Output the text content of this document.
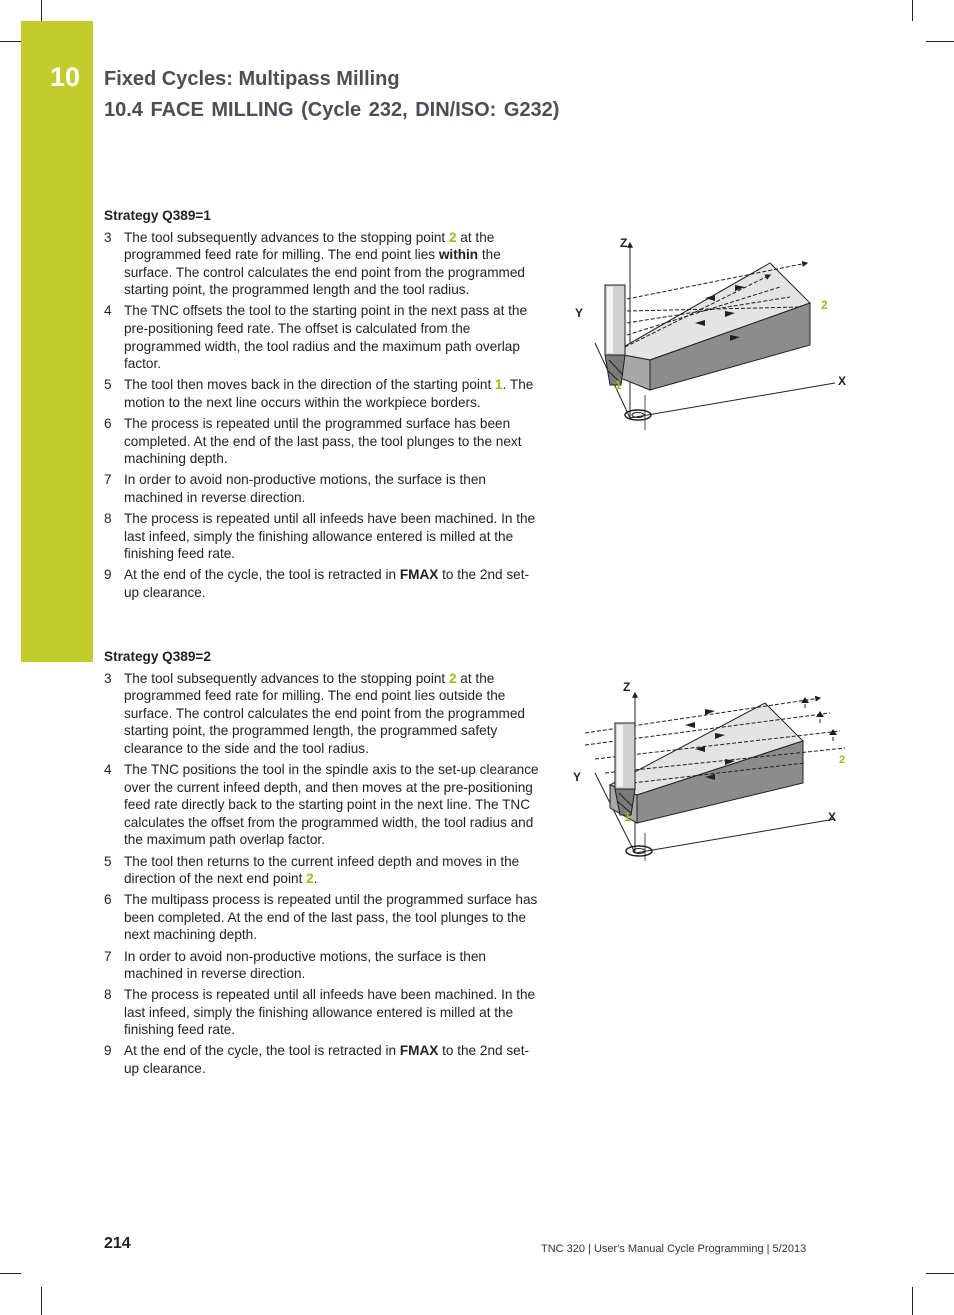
10 Fixed Cycles: Multipass Milling
10.4 FACE MILLING (Cycle 232, DIN/ISO: G232)
Strategy Q389=1
3 The tool subsequently advances to the stopping point 2 at the programmed feed rate for milling. The end point lies within the surface. The control calculates the end point from the programmed starting point, the programmed length and the tool radius.
4 The TNC offsets the tool to the starting point in the next pass at the pre-positioning feed rate. The offset is calculated from the programmed width, the tool radius and the maximum path overlap factor.
5 The tool then moves back in the direction of the starting point 1. The motion to the next line occurs within the workpiece borders.
6 The process is repeated until the programmed surface has been completed. At the end of the last pass, the tool plunges to the next machining depth.
7 In order to avoid non-productive motions, the surface is then machined in reverse direction.
8 The process is repeated until all infeeds have been machined. In the last infeed, simply the finishing allowance entered is milled at the finishing feed rate.
9 At the end of the cycle, the tool is retracted in FMAX to the 2nd set-up clearance.
Strategy Q389=2
3 The tool subsequently advances to the stopping point 2 at the programmed feed rate for milling. The end point lies outside the surface. The control calculates the end point from the programmed starting point, the programmed length, the programmed safety clearance to the side and the tool radius.
4 The TNC positions the tool in the spindle axis to the set-up clearance over the current infeed depth, and then moves at the pre-positioning feed rate directly back to the starting point in the next line. The TNC calculates the offset from the programmed width, the tool radius and the maximum path overlap factor.
5 The tool then returns to the current infeed depth and moves in the direction of the next end point 2.
6 The multipass process is repeated until the programmed surface has been completed. At the end of the last pass, the tool plunges to the next machining depth.
7 In order to avoid non-productive motions, the surface is then machined in reverse direction.
8 The process is repeated until all infeeds have been machined. In the last infeed, simply the finishing allowance entered is milled at the finishing feed rate.
9 At the end of the cycle, the tool is retracted in FMAX to the 2nd set-up clearance.
Z
Y
X
1
2
Z
Y
X
1
2
214	TNC 320 | User's Manual Cycle Programming | 5/2013
